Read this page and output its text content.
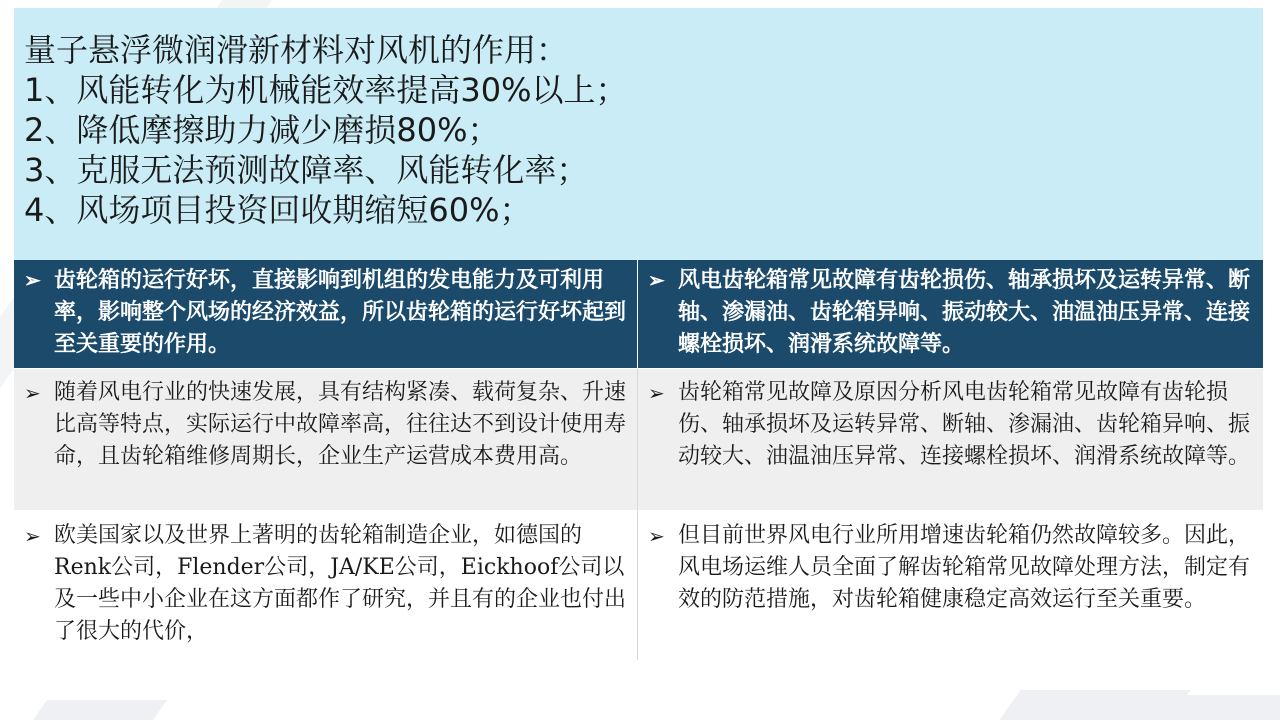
量子悬浮微润滑新材料对风机的作用：
1、风能转化为机械能效率提高30%以上；
2、降低摩擦助力减少磨损80%；
3、克服无法预测故障率、风能转化率；
4、风场项目投资回收期缩短60%；
➢ 齿轮箱的运行好坏，直接影响到机组的发电能力及可利用率，影响整个风场的经济效益，所以齿轮箱的运行好坏起到至关重要的作用。
➢ 风电齿轮箱常见故障有齿轮损伤、轴承损坏及运转异常、断轴、渗漏油、齿轮箱异响、振动较大、油温油压异常、连接螺栓损坏、润滑系统故障等。
➢ 随着风电行业的快速发展，具有结构紧凑、载荷复杂、升速比高等特点，实际运行中故障率高，往往达不到设计使用寿命，且齿轮箱维修周期长，企业生产运营成本费用高。
➢ 齿轮箱常见故障及原因分析风电齿轮箱常见故障有齿轮损伤、轴承损坏及运转异常、断轴、渗漏油、齿轮箱异响、振动较大、油温油压异常、连接螺栓损坏、润滑系统故障等。
➢ 欧美国家以及世界上著明的齿轮箱制造企业，如德国的Renk公司，Flender公司，JA/KE公司，Eickhoof公司以及一些中小企业在这方面都作了研究，并且有的企业也付出了很大的代价，
➢ 但目前世界风电行业所用增速齿轮箱仍然故障较多。因此，风电场运维人员全面了解齿轮箱常见故障处理方法，制定有效的防范措施，对齿轮箱健康稳定高效运行至关重要。
